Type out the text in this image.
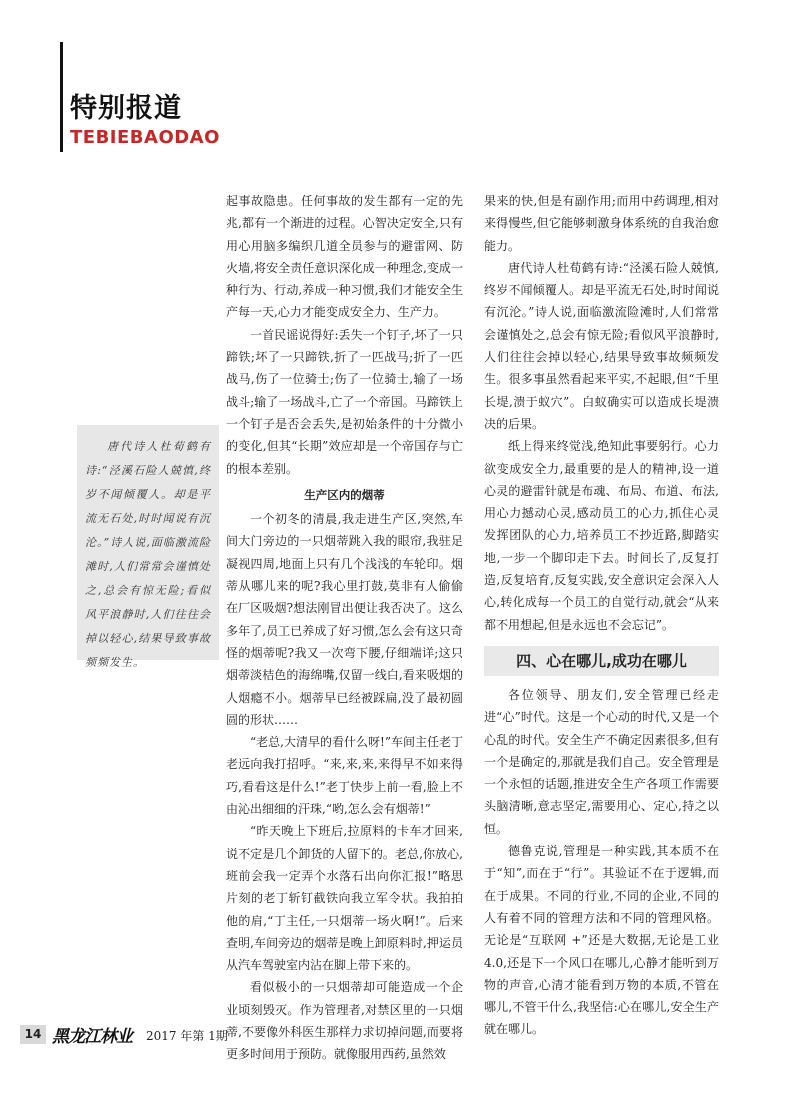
特别报道
TEBIEBAODAO

唐代诗人杜荀鹤有诗:“泾溪石险人兢慎,终岁不闻倾覆人。却是平流无石处,时时闻说有沉沦。”诗人说,面临激流险滩时,人们常常会谨慎处之,总会有惊无险;看似风平浪静时,人们往往会掉以轻心,结果导致事故频频发生。

起事故隐患。任何事故的发生都有一定的先兆,都有一个渐进的过程。心智决定安全,只有用心用脑多编织几道全员参与的避雷网、防火墙,将安全责任意识深化成一种理念,变成一种行为、行动,养成一种习惯,我们才能安全生产每一天,心力才能变成安全力、生产力。

一首民谣说得好:丢失一个钉子,坏了一只蹄铁;坏了一只蹄铁,折了一匹战马;折了一匹战马,伤了一位骑士;伤了一位骑士,输了一场战斗;输了一场战斗,亡了一个帝国。马蹄铁上一个钉子是否会丢失,是初始条件的十分微小的变化,但其“长期”效应却是一个帝国存与亡的根本差别。

生产区内的烟蒂

一个初冬的清晨,我走进生产区,突然,车间大门旁边的一只烟蒂跳入我的眼帘,我驻足凝视四周,地面上只有几个浅浅的车轮印。烟蒂从哪儿来的呢?我心里打鼓,莫非有人偷偷在厂区吸烟?想法刚冒出便让我否决了。这么多年了,员工已养成了好习惯,怎么会有这只奇怪的烟蒂呢?我又一次弯下腰,仔细端详;这只烟蒂淡桔色的海绵嘴,仅留一线白,看来吸烟的人烟瘾不小。烟蒂早已经被踩扁,没了最初圆圆的形状……

“老总,大清早的看什么呀!”车间主任老丁老远向我打招呼。“来,来,来,来得早不如来得巧,看看这是什么!”老丁快步上前一看,脸上不由沁出细细的汗珠,“哟,怎么会有烟蒂!”

“昨天晚上下班后,拉原料的卡车才回来,说不定是几个卸货的人留下的。老总,你放心,班前会我一定弄个水落石出向你汇报!”略思片刻的老丁斩钉截铁向我立军令状。我拍拍他的肩,“丁主任,一只烟蒂一场火啊!”。后来查明,车间旁边的烟蒂是晚上卸原料时,押运员从汽车驾驶室内沾在脚上带下来的。

看似极小的一只烟蒂却可能造成一个企业顷刻毁灭。作为管理者,对禁区里的一只烟蒂,不要像外科医生那样力求切掉问题,而要将更多时间用于预防。就像服用西药,虽然效

果来的快,但是有副作用;而用中药调理,相对来得慢些,但它能够刺激身体系统的自我治愈能力。

唐代诗人杜荀鹤有诗:“泾溪石险人兢慎,终岁不闻倾覆人。却是平流无石处,时时闻说有沉沦。”诗人说,面临激流险滩时,人们常常会谨慎处之,总会有惊无险;看似风平浪静时,人们往往会掉以轻心,结果导致事故频频发生。很多事虽然看起来平实,不起眼,但“千里长堤,溃于蚁穴”。白蚁确实可以造成长堤溃决的后果。

纸上得来终觉浅,绝知此事要躬行。心力欲变成安全力,最重要的是人的精神,设一道心灵的避雷针就是布魂、布局、布道、布法,用心力撼动心灵,感动员工的心力,抓住心灵发挥团队的心力,培养员工不抄近路,脚踏实地,一步一个脚印走下去。时间长了,反复打造,反复培育,反复实践,安全意识定会深入人心,转化成每一个员工的自觉行动,就会“从来都不用想起,但是永远也不会忘记”。

四、心在哪儿,成功在哪儿

各位领导、朋友们,安全管理已经走进“心”时代。这是一个心动的时代,又是一个心乱的时代。安全生产不确定因素很多,但有一个是确定的,那就是我们自己。安全管理是一个永恒的话题,推进安全生产各项工作需要头脑清晰,意志坚定,需要用心、定心,持之以恒。

德鲁克说,管理是一种实践,其本质不在于“知”,而在于“行”。其验证不在于逻辑,而在于成果。不同的行业,不同的企业,不同的人有着不同的管理方法和不同的管理风格。无论是“互联网 +”还是大数据,无论是工业4.0,还是下一个风口在哪儿,心静才能听到万物的声音,心清才能看到万物的本质,不管在哪儿,不管干什么,我坚信:心在哪儿,安全生产就在哪儿。

14 黑龙江林业 2017 年第 1期
